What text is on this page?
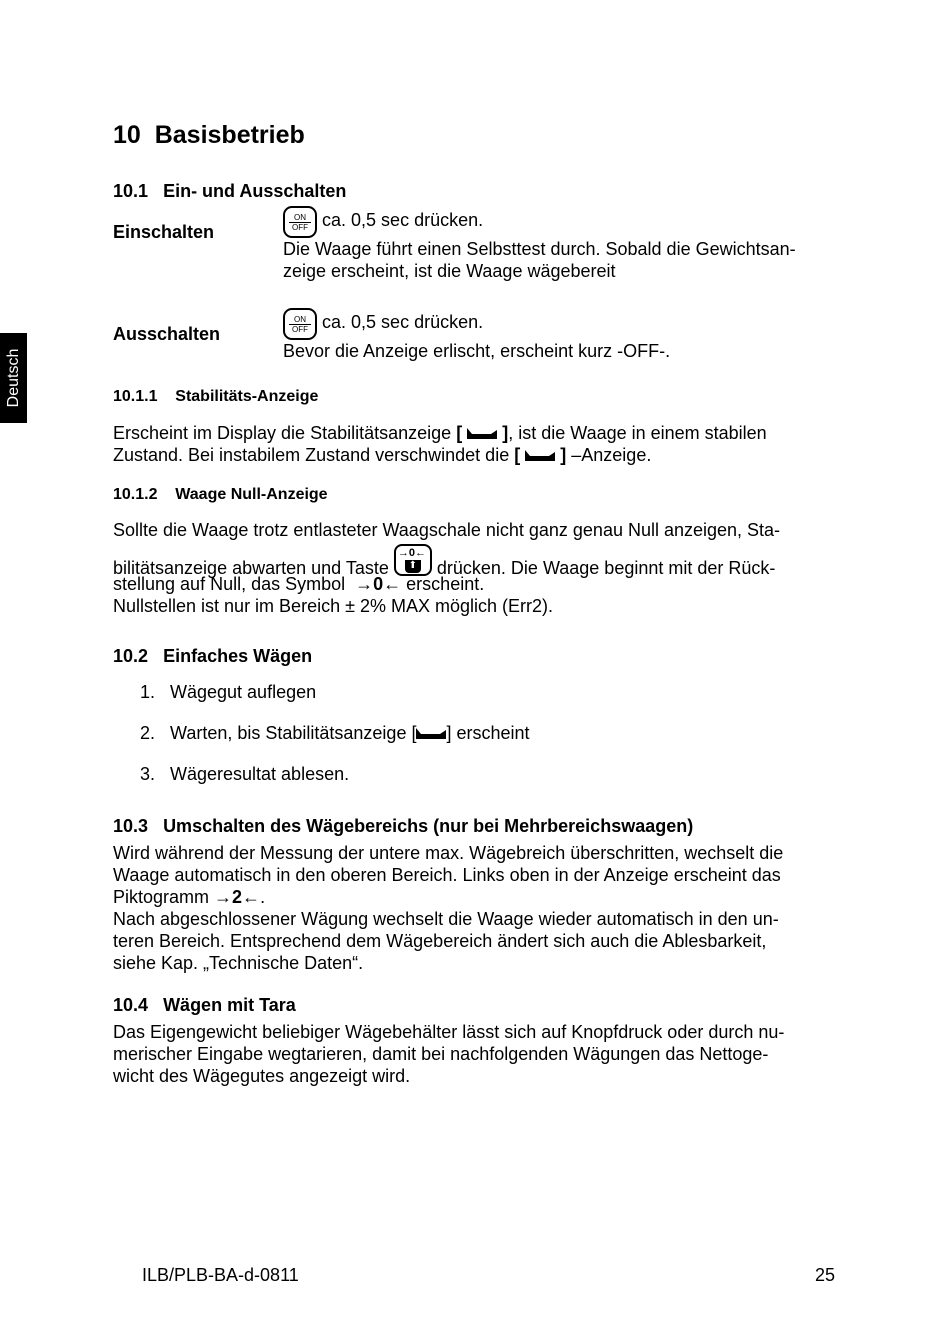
Deutsch
10 Basisbetrieb
10.1 Ein- und Ausschalten
Einschalten
ON
OFF ca. 0,5 sec drücken.
Die Waage führt einen Selbsttest durch. Sobald die Gewichtsan-
zeige erscheint, ist die Waage wägebereit
Ausschalten
ON
OFF ca. 0,5 sec drücken.
Bevor die Anzeige erlischt, erscheint kurz -OFF-.
10.1.1 Stabilitäts-Anzeige
Erscheint im Display die Stabilitätsanzeige [ ], ist die Waage in einem stabilen
Zustand. Bei instabilem Zustand verschwindet die [ ] –Anzeige.
10.1.2 Waage Null-Anzeige
Sollte die Waage trotz entlasteter Waagschale nicht ganz genau Null anzeigen, Sta-
bilitätsanzeige abwarten und Taste
→0←
⬆ drücken. Die Waage beginnt mit der Rück-
stellung auf Null, das Symbol →0← erscheint.
Nullstellen ist nur im Bereich ± 2% MAX möglich (Err2).
10.2 Einfaches Wägen
1. Wägegut auflegen
2. Warten, bis Stabilitätsanzeige [ ] erscheint
3. Wägeresultat ablesen.
10.3 Umschalten des Wägebereichs (nur bei Mehrbereichswaagen)
Wird während der Messung der untere max. Wägebreich überschritten, wechselt die
Waage automatisch in den oberen Bereich. Links oben in der Anzeige erscheint das
Piktogramm →2←.
Nach abgeschlossener Wägung wechselt die Waage wieder automatisch in den un-
teren Bereich. Entsprechend dem Wägebereich ändert sich auch die Ablesbarkeit,
siehe Kap. „Technische Daten“.
10.4 Wägen mit Tara
Das Eigengewicht beliebiger Wägebehälter lässt sich auf Knopfdruck oder durch nu-
merischer Eingabe wegtarieren, damit bei nachfolgenden Wägungen das Nettoge-
wicht des Wägegutes angezeigt wird.
ILB/PLB-BA-d-0811	25
